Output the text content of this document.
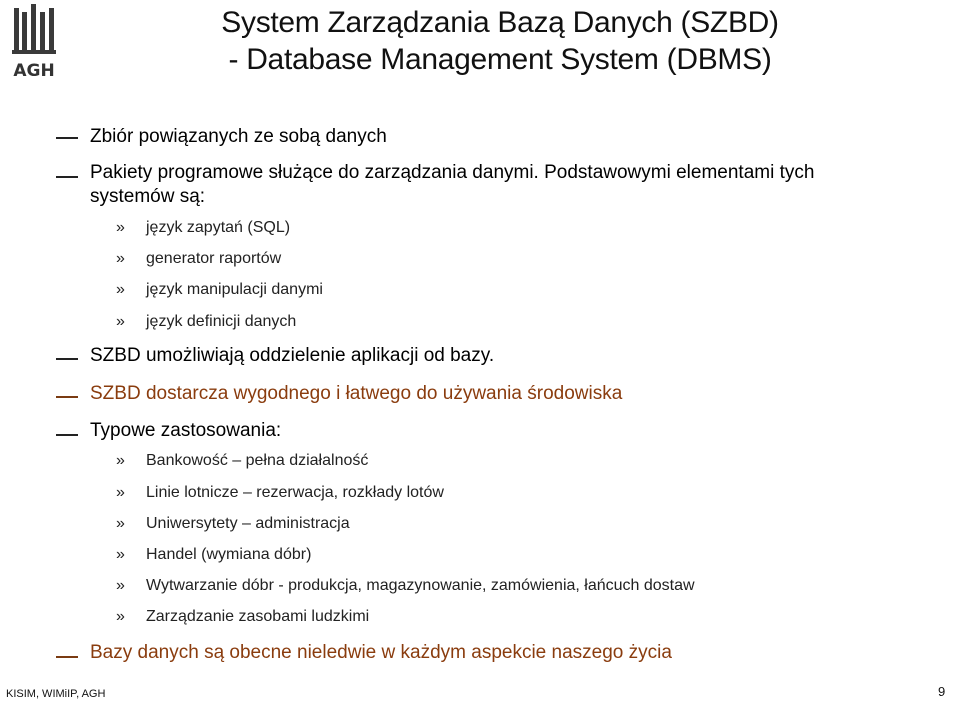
AGH
System Zarządzania Bazą Danych (SZBD)
- Database Management System (DBMS)
Zbiór powiązanych ze sobą danych
Pakiety programowe służące do zarządzania danymi. Podstawowymi elementami tych
systemów są:
» język zapytań (SQL)
» generator raportów
» język manipulacji danymi
» język definicji danych
SZBD umożliwiają oddzielenie aplikacji od bazy.
SZBD dostarcza wygodnego i łatwego do używania środowiska
Typowe zastosowania:
» Bankowość – pełna działalność
» Linie lotnicze – rezerwacja, rozkłady lotów
» Uniwersytety – administracja
» Handel (wymiana dóbr)
» Wytwarzanie dóbr - produkcja, magazynowanie, zamówienia, łańcuch dostaw
» Zarządzanie zasobami ludzkimi
Bazy danych są obecne nieledwie w każdym aspekcie naszego życia
KISIM, WIMiIP, AGH	9
